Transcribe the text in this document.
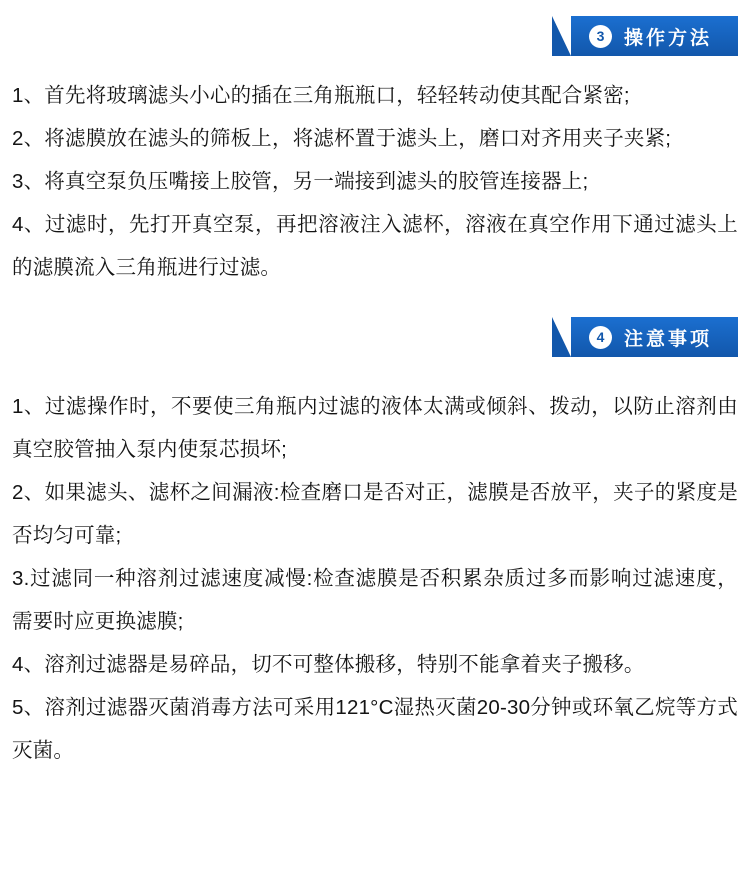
3	操作方法
1、首先将玻璃滤头小心的插在三角瓶瓶口，轻轻转动使其配合紧密;
2、将滤膜放在滤头的筛板上，将滤杯置于滤头上，磨口对齐用夹子夹紧;
3、将真空泵负压嘴接上胶管，另一端接到滤头的胶管连接器上;
4、过滤时，先打开真空泵，再把溶液注入滤杯，溶液在真空作用下通过滤头上的滤膜流入三角瓶进行过滤。
4	注意事项
1、过滤操作时，不要使三角瓶内过滤的液体太满或倾斜、拨动，以防止溶剂由真空胶管抽入泵内使泵芯损坏;
2、如果滤头、滤杯之间漏液:检查磨口是否对正，滤膜是否放平，夹子的紧度是否均匀可靠;
3.过滤同一种溶剂过滤速度减慢:检查滤膜是否积累杂质过多而影响过滤速度，需要时应更换滤膜;
4、溶剂过滤器是易碎品，切不可整体搬移，特别不能拿着夹子搬移。
5、溶剂过滤器灭菌消毒方法可采用121°C湿热灭菌20-30分钟或环氧乙烷等方式灭菌。
